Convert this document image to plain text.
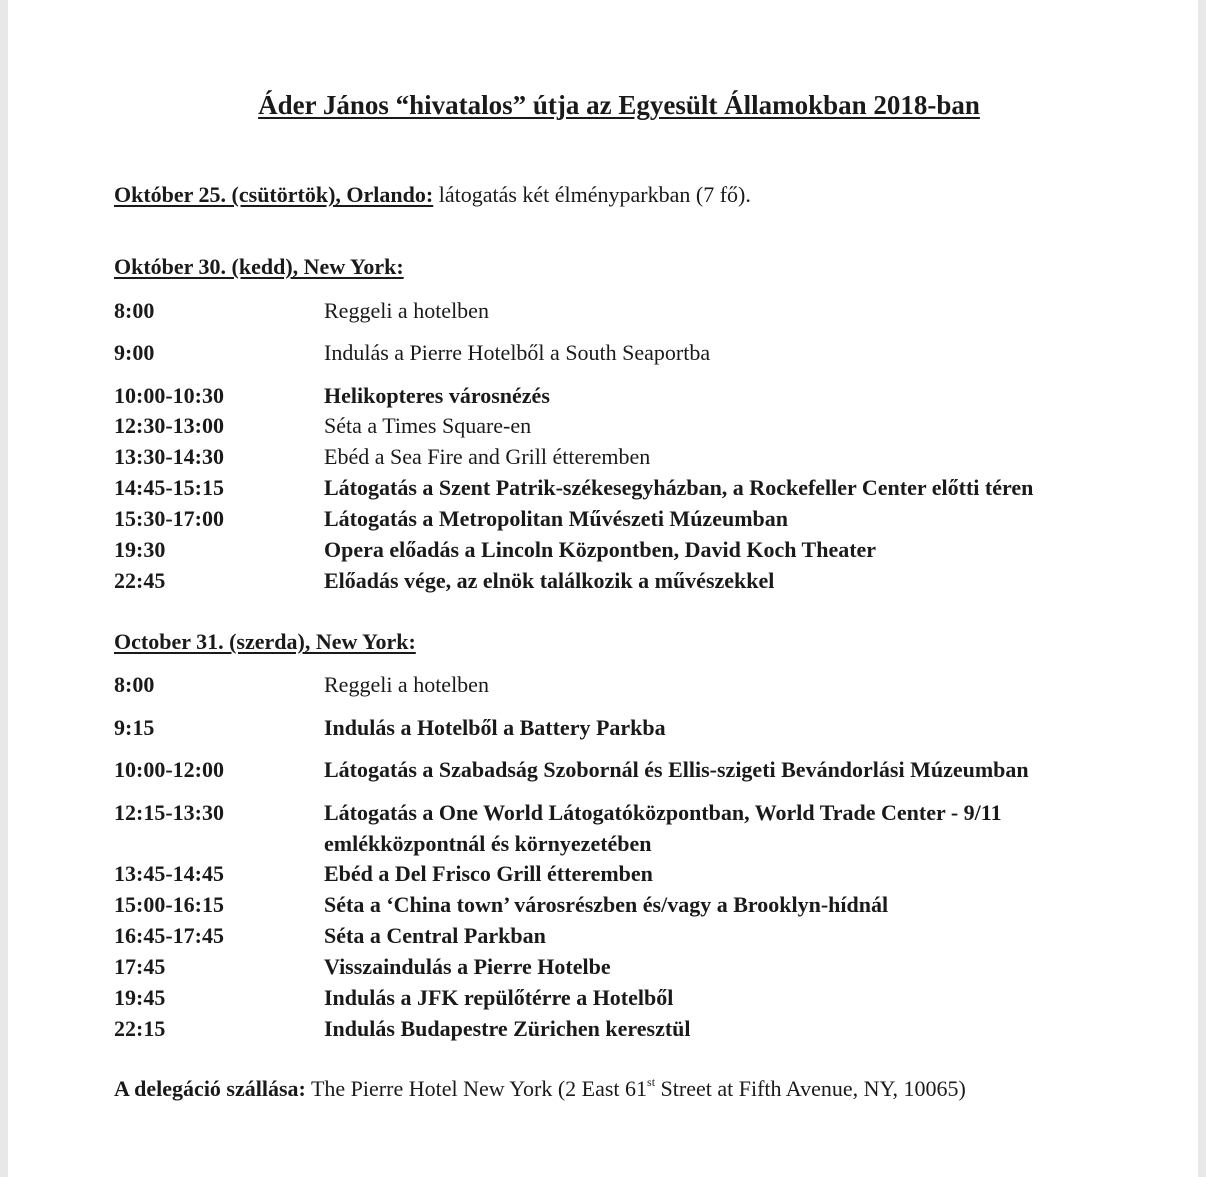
Áder János “hivatalos” útja az Egyesült Államokban 2018-ban
Október 25. (csütörtök), Orlando: látogatás két élményparkban (7 fő).
Október 30. (kedd), New York:
8:00	Reggeli a hotelben
9:00	Indulás a Pierre Hotelből a South Seaportba
10:00-10:30	Helikopteres városnézés
12:30-13:00	Séta a Times Square-en
13:30-14:30	Ebéd a Sea Fire and Grill étteremben
14:45-15:15	Látogatás a Szent Patrik-székesegyházban, a Rockefeller Center előtti téren
15:30-17:00	Látogatás a Metropolitan Művészeti Múzeumban
19:30	Opera előadás a Lincoln Központben, David Koch Theater
22:45	Előadás vége, az elnök találkozik a művészekkel
October 31. (szerda), New York:
8:00	Reggeli a hotelben
9:15	Indulás a Hotelből a Battery Parkba
10:00-12:00	Látogatás a Szabadság Szobornál és Ellis-szigeti Bevándorlási Múzeumban
12:15-13:30	Látogatás a One World Látogatóközpontban, World Trade Center - 9/11
emlékközpontnál és környezetében
13:45-14:45	Ebéd a Del Frisco Grill étteremben
15:00-16:15	Séta a ‘China town’ városrészben és/vagy a Brooklyn-hídnál
16:45-17:45	Séta a Central Parkban
17:45	Visszaindulás a Pierre Hotelbe
19:45	Indulás a JFK repülőtérre a Hotelből
22:15	Indulás Budapestre Zürichen keresztül
A delegáció szállása: The Pierre Hotel New York (2 East 61st Street at Fifth Avenue, NY, 10065)
